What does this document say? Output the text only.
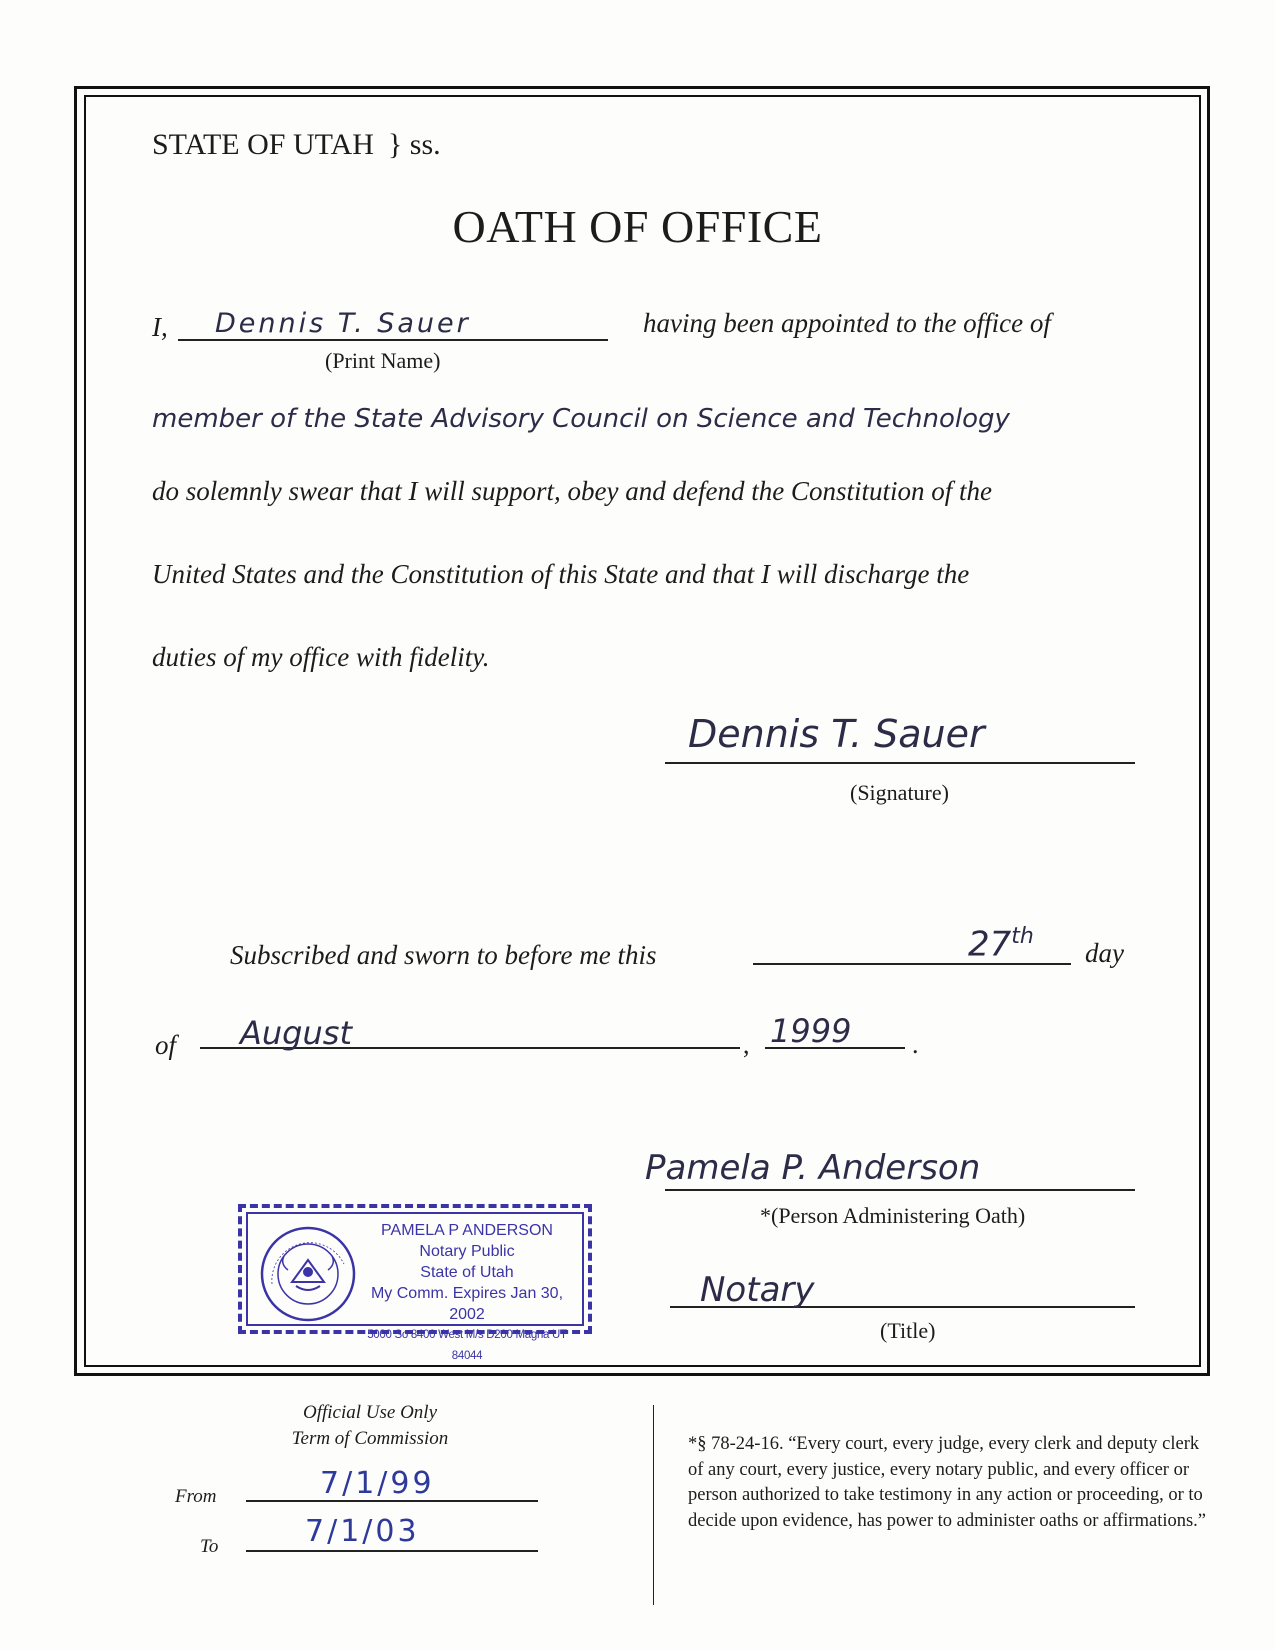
STATE OF UTAH } ss.
OATH OF OFFICE
I, Dennis T. Sauer
(Print Name)
having been appointed to the office of
member of the State Advisory Council on Science and Technology
do solemnly swear that I will support, obey and defend the Constitution of the
United States and the Constitution of this State and that I will discharge the
duties of my office with fidelity.
Dennis T. Sauer
(Signature)
Subscribed and sworn to before me this	27th
day
of August	, 1999 .
Pamela P. Anderson
*(Person Administering Oath)
Notary
(Title)
PAMELA P ANDERSON
Notary Public
State of Utah
My Comm. Expires Jan 30, 2002
5000 So 8400 West M/s D200 Magna UT 84044
Official Use Only
Term of Commission
From	7/1/99
To	7/1/03
*§ 78-24-16. “Every court, every judge, every clerk and deputy clerk of any court, every justice, every notary public, and every officer or person authorized to take testimony in any action or proceeding, or to decide upon evidence, has power to administer oaths or affirmations.”
